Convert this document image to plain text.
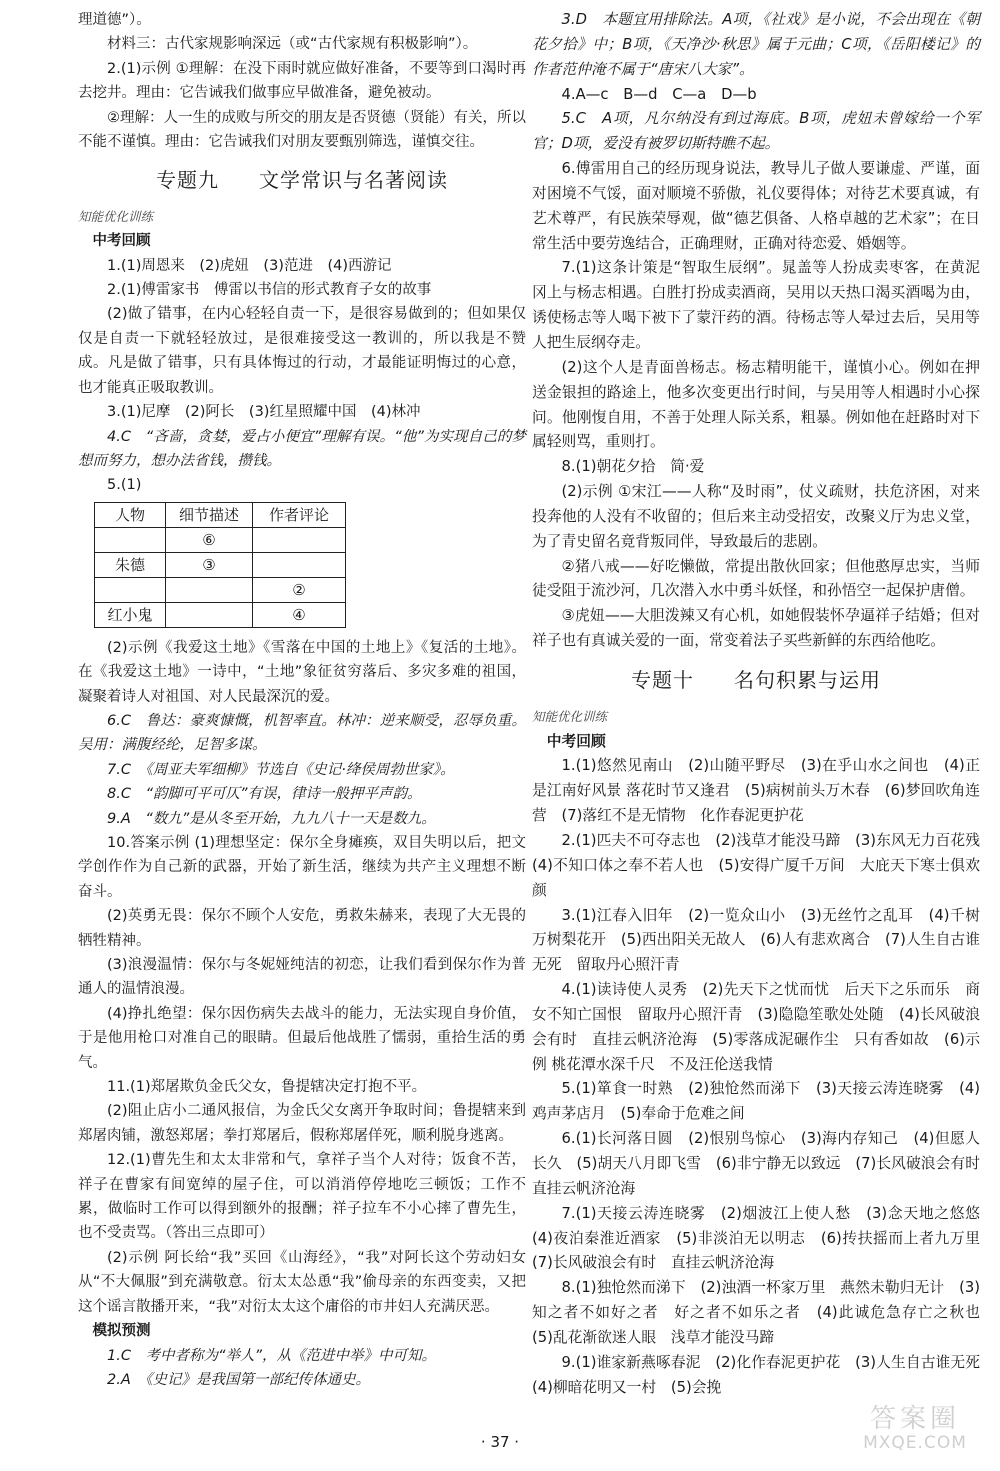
理道德”）。

材料三：古代家规影响深远（或“古代家规有积极影响”）。

2.(1)示例 ①理解：在没下雨时就应做好准备，不要等到口渴时再去挖井。理由：它告诫我们做事应早做准备，避免被动。

②理解：人一生的成败与所交的朋友是否贤德（贤能）有关，所以不能不谨慎。理由：它告诫我们对朋友要甄别筛选，谨慎交往。

专题九 文学常识与名著阅读

知能优化训练

中考回顾

1.(1)周恩来　(2)虎妞　(3)范进　(4)西游记

2.(1)傅雷家书　傅雷以书信的形式教育子女的故事

(2)做了错事，在内心轻轻自责一下，是很容易做到的；但如果仅仅是自责一下就轻轻放过，是很难接受这一教训的，所以我是不赞成。凡是做了错事，只有具体悔过的行动，才最能证明悔过的心意，也才能真正吸取教训。

3.(1)尼摩　(2)阿长　(3)红星照耀中国　(4)林冲

4.C　“吝啬，贪婪，爱占小便宜”理解有误。“他”为实现自己的梦想而努力，想办法省钱，攒钱。

5.(1)

人物	细节描述	作者评论
	⑥	
朱德	③	
		②
红小鬼		④

(2)示例《我爱这土地》《雪落在中国的土地上》《复活的土地》。在《我爱这土地》一诗中，“土地”象征贫穷落后、多灾多难的祖国，凝聚着诗人对祖国、对人民最深沉的爱。

6.C　鲁达：豪爽慷慨，机智率直。林冲：逆来顺受，忍辱负重。吴用：满腹经纶，足智多谋。

7.C　《周亚夫军细柳》节选自《史记·绛侯周勃世家》。

8.C　“韵脚可平可仄”有误，律诗一般押平声韵。

9.A　“数九”是从冬至开始，九九八十一天是数九。

10.答案示例 (1)理想坚定：保尔全身瘫痪，双目失明以后，把文学创作作为自己新的武器，开始了新生活，继续为共产主义理想不断奋斗。

(2)英勇无畏：保尔不顾个人安危，勇救朱赫来，表现了大无畏的牺牲精神。

(3)浪漫温情：保尔与冬妮娅纯洁的初恋，让我们看到保尔作为普通人的温情浪漫。

(4)挣扎绝望：保尔因伤病失去战斗的能力，无法实现自身价值，于是他用枪口对准自己的眼睛。但最后他战胜了懦弱，重拾生活的勇气。

11.(1)郑屠欺负金氏父女，鲁提辖决定打抱不平。

(2)阻止店小二通风报信，为金氏父女离开争取时间；鲁提辖来到郑屠肉铺，激怒郑屠；拳打郑屠后，假称郑屠佯死，顺利脱身逃离。

12.(1)曹先生和太太非常和气，拿祥子当个人对待；饭食不苦，祥子在曹家有间宽绰的屋子住，可以消消停停地吃三顿饭；工作不累，做临时工作可以得到额外的报酬；祥子拉车不小心摔了曹先生，也不受责骂。（答出三点即可）

(2)示例 阿长给“我”买回《山海经》，“我”对阿长这个劳动妇女从“不大佩服”到充满敬意。衍太太怂恿“我”偷母亲的东西变卖，又把这个谣言散播开来，“我”对衍太太这个庸俗的市井妇人充满厌恶。

模拟预测

1.C　考中者称为“举人”，从《范进中举》中可知。

2.A　《史记》是我国第一部纪传体通史。

3.D　本题宜用排除法。A项，《社戏》是小说，不会出现在《朝花夕拾》中；B项，《天净沙·秋思》属于元曲；C项，《岳阳楼记》的作者范仲淹不属于“唐宋八大家”。

4.A—c　B—d　C—a　D—b

5.C　A项，凡尔纳没有到过海底。B项，虎妞未曾嫁给一个军官；D项，爱没有被罗切斯特瞧不起。

6.傅雷用自己的经历现身说法，教导儿子做人要谦虚、严谨，面对困境不气馁，面对顺境不骄傲，礼仪要得体；对待艺术要真诚，有艺术尊严，有民族荣辱观，做“德艺俱备、人格卓越的艺术家”；在日常生活中要劳逸结合，正确理财，正确对待恋爱、婚姻等。

7.(1)这条计策是“智取生辰纲”。晁盖等人扮成卖枣客，在黄泥冈上与杨志相遇。白胜打扮成卖酒商，吴用以天热口渴买酒喝为由，诱使杨志等人喝下被下了蒙汗药的酒。待杨志等人晕过去后，吴用等人把生辰纲夺走。

(2)这个人是青面兽杨志。杨志精明能干，谨慎小心。例如在押送金银担的路途上，他多次变更出行时间，与吴用等人相遇时小心探问。他刚愎自用，不善于处理人际关系，粗暴。例如他在赶路时对下属轻则骂，重则打。

8.(1)朝花夕拾　简·爱

(2)示例 ①宋江——人称“及时雨”，仗义疏财，扶危济困，对来投奔他的人没有不收留的；但后来主动受招安，改聚义厅为忠义堂，为了青史留名竟背叛同伴，导致最后的悲剧。

②猪八戒——好吃懒做，常提出散伙回家；但他憨厚忠实，当师徒受阻于流沙河，几次潜入水中勇斗妖怪，和孙悟空一起保护唐僧。

③虎妞——大胆泼辣又有心机，如她假装怀孕逼祥子结婚；但对祥子也有真诚关爱的一面，常变着法子买些新鲜的东西给他吃。

专题十 名句积累与运用

知能优化训练

中考回顾

1.(1)悠然见南山　(2)山随平野尽　(3)在乎山水之间也　(4)正是江南好风景 落花时节又逢君　(5)病树前头万木春　(6)梦回吹角连营　(7)落红不是无情物　化作春泥更护花

2.(1)匹夫不可夺志也　(2)浅草才能没马蹄　(3)东风无力百花残　(4)不知口体之奉不若人也　(5)安得广厦千万间　大庇天下寒士俱欢颜

3.(1)江春入旧年　(2)一览众山小　(3)无丝竹之乱耳　(4)千树万树梨花开　(5)西出阳关无故人　(6)人有悲欢离合　(7)人生自古谁无死　留取丹心照汗青

4.(1)读诗使人灵秀　(2)先天下之忧而忧　后天下之乐而乐　商女不知亡国恨　留取丹心照汗青　(3)隐隐笙歌处处随　(4)长风破浪会有时　直挂云帆济沧海　(5)零落成泥碾作尘　只有香如故　(6)示例 桃花潭水深千尺　不及汪伦送我情

5.(1)箪食一时熟　(2)独怆然而涕下　(3)天接云涛连晓雾　(4)鸡声茅店月　(5)奉命于危难之间

6.(1)长河落日圆　(2)恨别鸟惊心　(3)海内存知己　(4)但愿人长久　(5)胡天八月即飞雪　(6)非宁静无以致远　(7)长风破浪会有时　直挂云帆济沧海

7.(1)天接云涛连晓雾　(2)烟波江上使人愁　(3)念天地之悠悠　(4)夜泊秦淮近酒家　(5)非淡泊无以明志　(6)抟扶摇而上者九万里　(7)长风破浪会有时　直挂云帆济沧海

8.(1)独怆然而涕下　(2)浊酒一杯家万里　燕然未勒归无计　(3)知之者不如好之者　好之者不如乐之者　(4)此诚危急存亡之秋也　(5)乱花渐欲迷人眼　浅草才能没马蹄

9.(1)谁家新燕啄春泥　(2)化作春泥更护花　(3)人生自古谁无死　(4)柳暗花明又一村　(5)会挽

· 37 ·
答案圈
MXQE.COM
